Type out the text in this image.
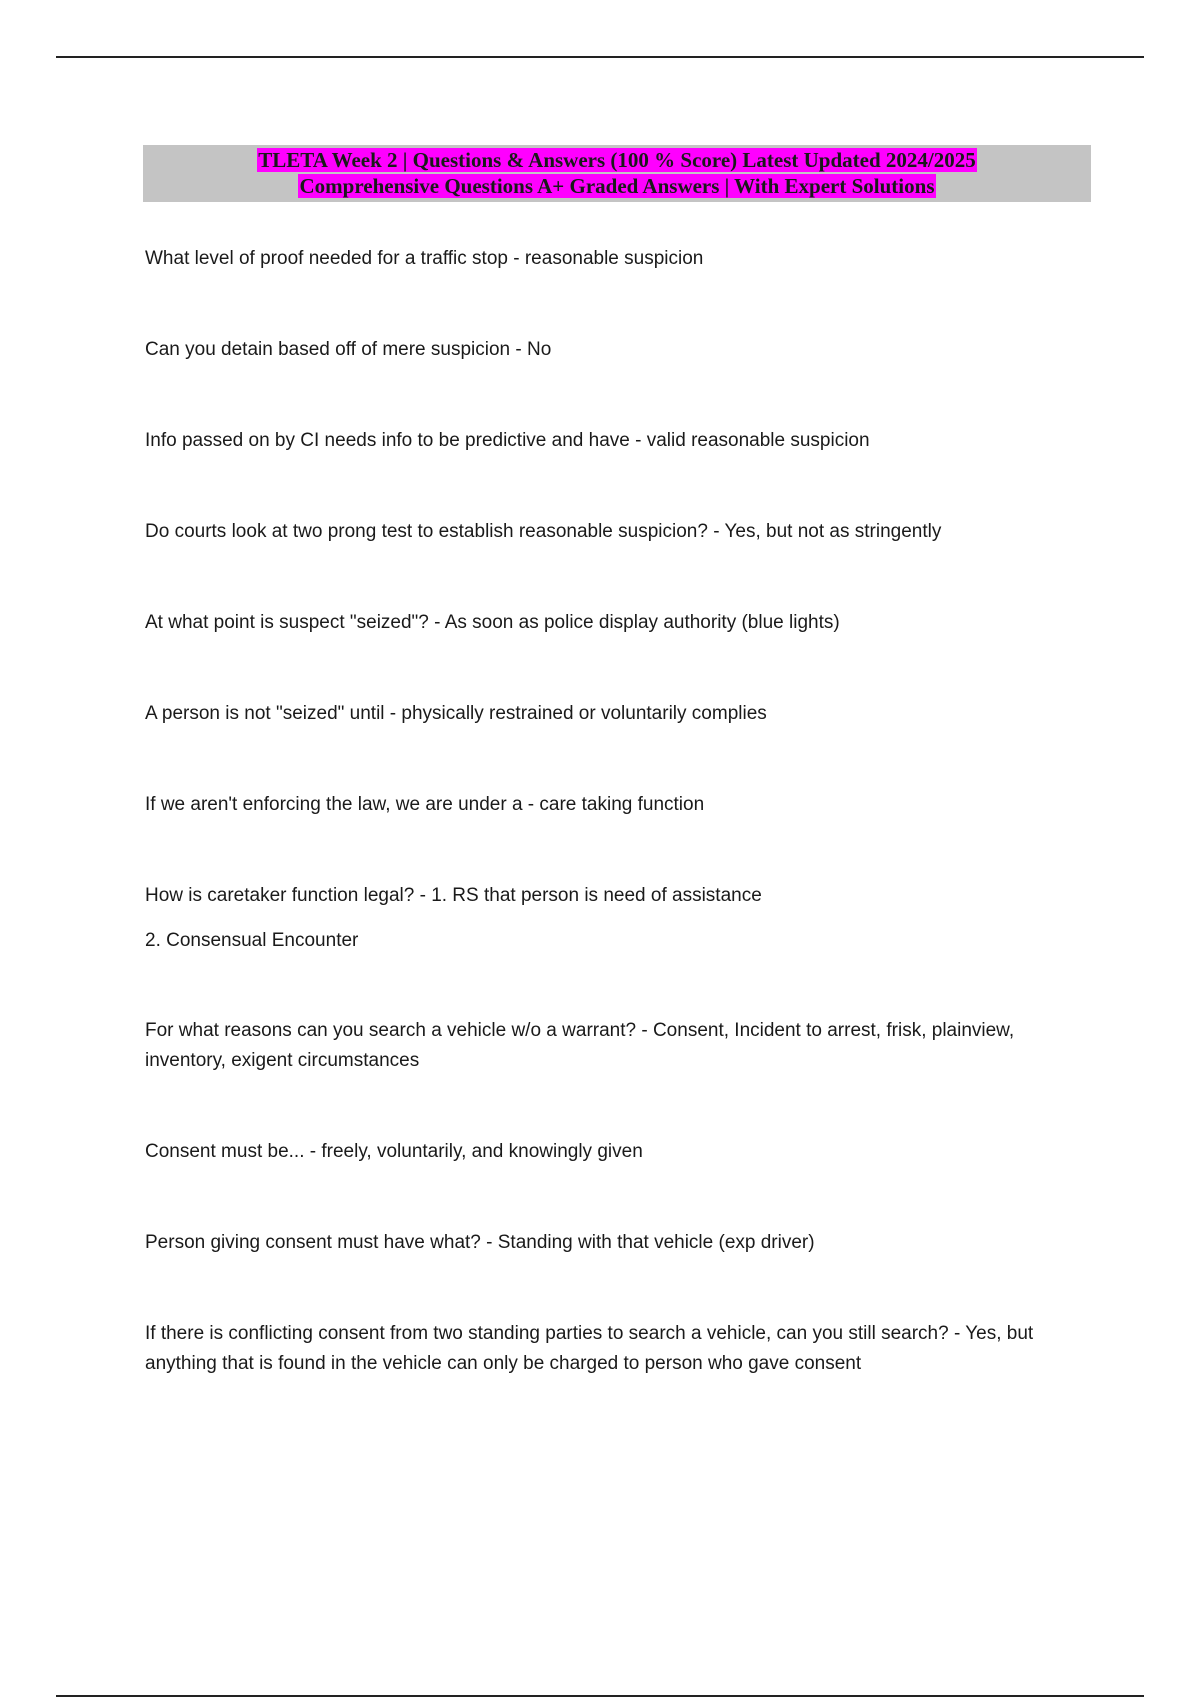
TLETA Week 2 | Questions & Answers (100 % Score) Latest Updated 2024/2025
Comprehensive Questions A+ Graded Answers | With Expert Solutions

What level of proof needed for a traffic stop - reasonable suspicion

Can you detain based off of mere suspicion - No

Info passed on by CI needs info to be predictive and have - valid reasonable suspicion

Do courts look at two prong test to establish reasonable suspicion? - Yes, but not as stringently

At what point is suspect "seized"? - As soon as police display authority (blue lights)

A person is not "seized" until - physically restrained or voluntarily complies

If we aren't enforcing the law, we are under a - care taking function

How is caretaker function legal? - 1. RS that person is need of assistance

2. Consensual Encounter

For what reasons can you search a vehicle w/o a warrant? - Consent, Incident to arrest, frisk, plainview, inventory, exigent circumstances

Consent must be... - freely, voluntarily, and knowingly given

Person giving consent must have what? - Standing with that vehicle (exp driver)

If there is conflicting consent from two standing parties to search a vehicle, can you still search? - Yes, but anything that is found in the vehicle can only be charged to person who gave consent
